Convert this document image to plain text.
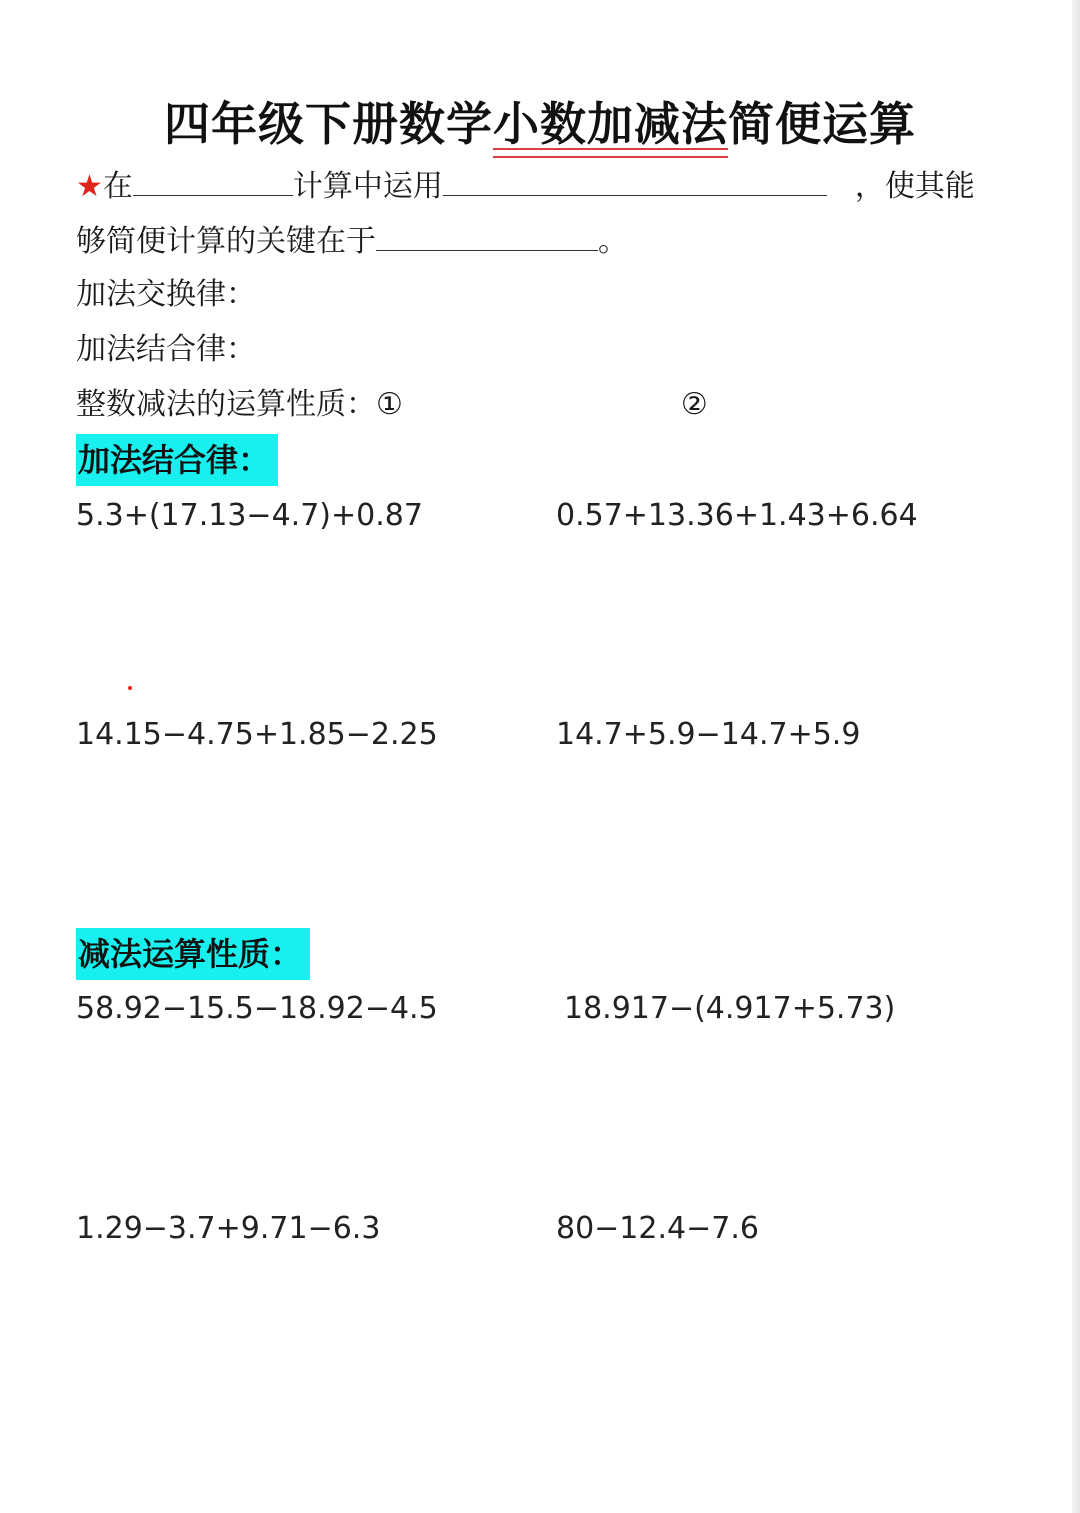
四年级下册数学小数加减法简便运算
★在	计算中运用	，使其能
够简便计算的关键在于	。
加法交换律：
加法结合律：
整数减法的运算性质：①	②
加法结合律：
5.3+(17.13−4.7)+0.87	0.57+13.36+1.43+6.64
14.15−4.75+1.85−2.25	14.7+5.9−14.7+5.9
减法运算性质：
58.92−15.5−18.92−4.5	18.917−(4.917+5.73)
1.29−3.7+9.71−6.3	80−12.4−7.6
